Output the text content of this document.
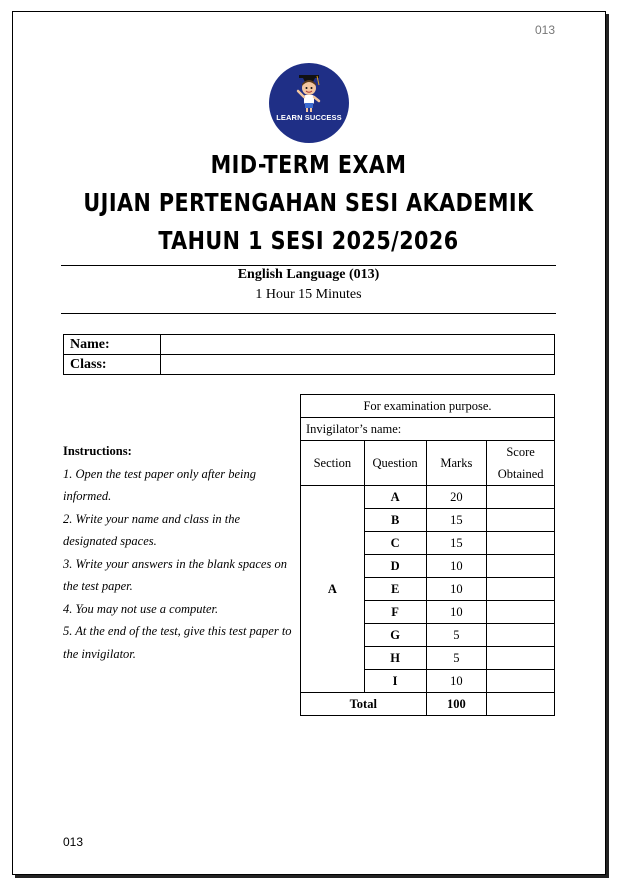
013
LEARN SUCCESS
MID-TERM EXAM
UJIAN PERTENGAHAN SESI AKADEMIK
TAHUN 1 SESI 2025/2026
English Language (013)
1 Hour 15 Minutes
Name:	
Class:	
Instructions:
1. Open the test paper only after being informed.
2. Write your name and class in the designated spaces.
3. Write your answers in the blank spaces on the test paper.
4. You may not use a computer.
5. At the end of the test, give this test paper to the invigilator.
For examination purpose.			
Invigilator’s name:			
Section	Question	Marks	Score Obtained
A	A	20	
	B	15	
	C	15	
	D	10	
	E	10	
	F	10	
	G	5	
	H	5	
	I	10	
Total		100	
013
